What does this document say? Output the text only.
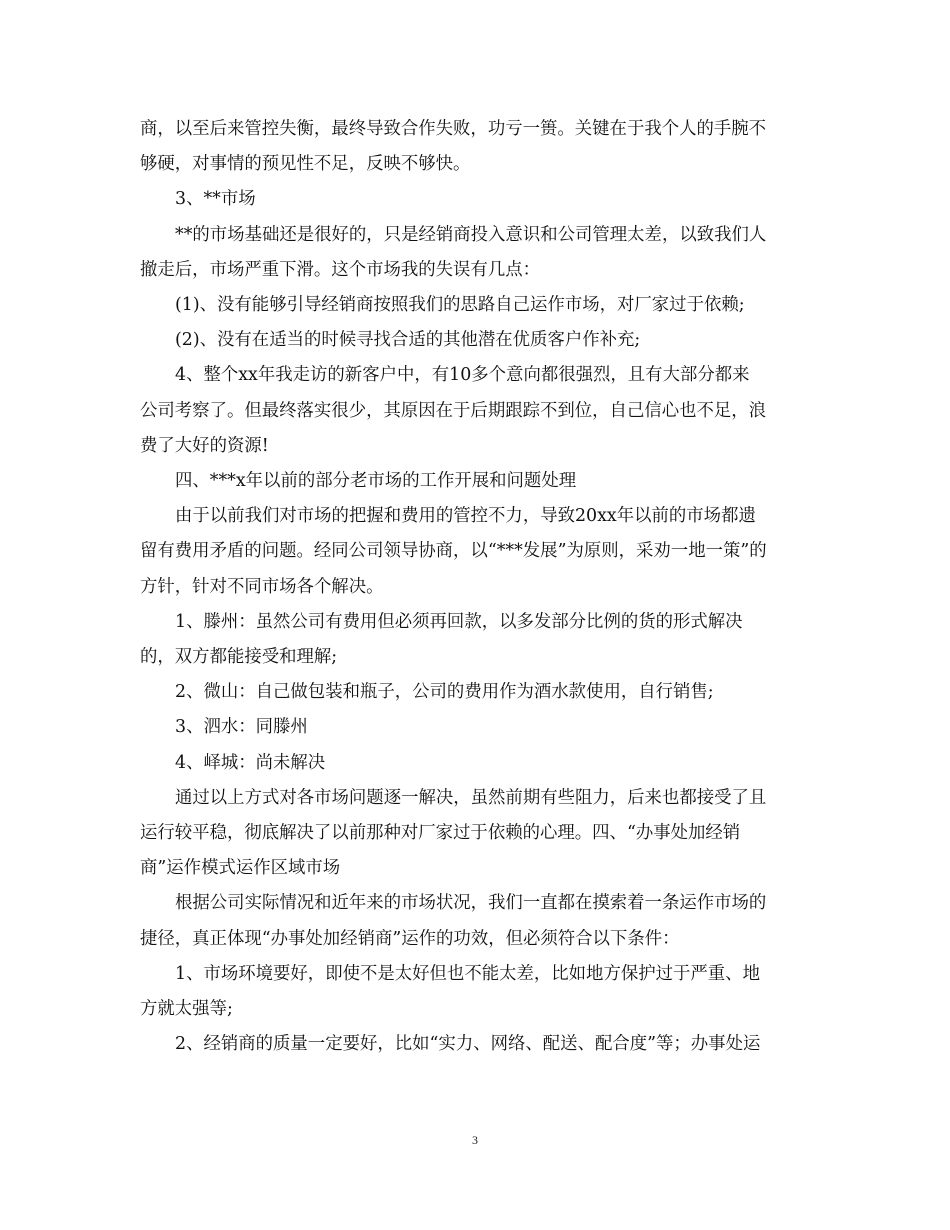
商，以至后来管控失衡，最终导致合作失败，功亏一篑。关键在于我个人的手腕不
够硬，对事情的预见性不足，反映不够快。

3、**市场

**的市场基础还是很好的，只是经销商投入意识和公司管理太差，以致我们人
撤走后，市场严重下滑。这个市场我的失误有几点：

(1)、没有能够引导经销商按照我们的思路自己运作市场，对厂家过于依赖;

(2)、没有在适当的时候寻找合适的其他潜在优质客户作补充;

4、整个xx年我走访的新客户中，有10多个意向都很强烈，且有大部分都来
公司考察了。但最终落实很少，其原因在于后期跟踪不到位，自己信心也不足，浪
费了大好的资源!

四、***x年以前的部分老市场的工作开展和问题处理

由于以前我们对市场的把握和费用的管控不力，导致20xx年以前的市场都遗
留有费用矛盾的问题。经同公司领导协商，以“***发展”为原则，采劝一地一策”的
方针，针对不同市场各个解决。

1、滕州：虽然公司有费用但必须再回款，以多发部分比例的货的形式解决
的，双方都能接受和理解;

2、微山：自己做包装和瓶子，公司的费用作为酒水款使用，自行销售;

3、泗水：同滕州

4、峄城：尚未解决

通过以上方式对各市场问题逐一解决，虽然前期有些阻力，后来也都接受了且
运行较平稳，彻底解决了以前那种对厂家过于依赖的心理。四、“办事处加经销
商”运作模式运作区域市场

根据公司实际情况和近年来的市场状况，我们一直都在摸索着一条运作市场的
捷径，真正体现“办事处加经销商”运作的功效，但必须符合以下条件：

1、市场环境要好，即使不是太好但也不能太差，比如地方保护过于严重、地
方就太强等;

2、经销商的质量一定要好，比如“实力、网络、配送、配合度”等；办事处运

3
